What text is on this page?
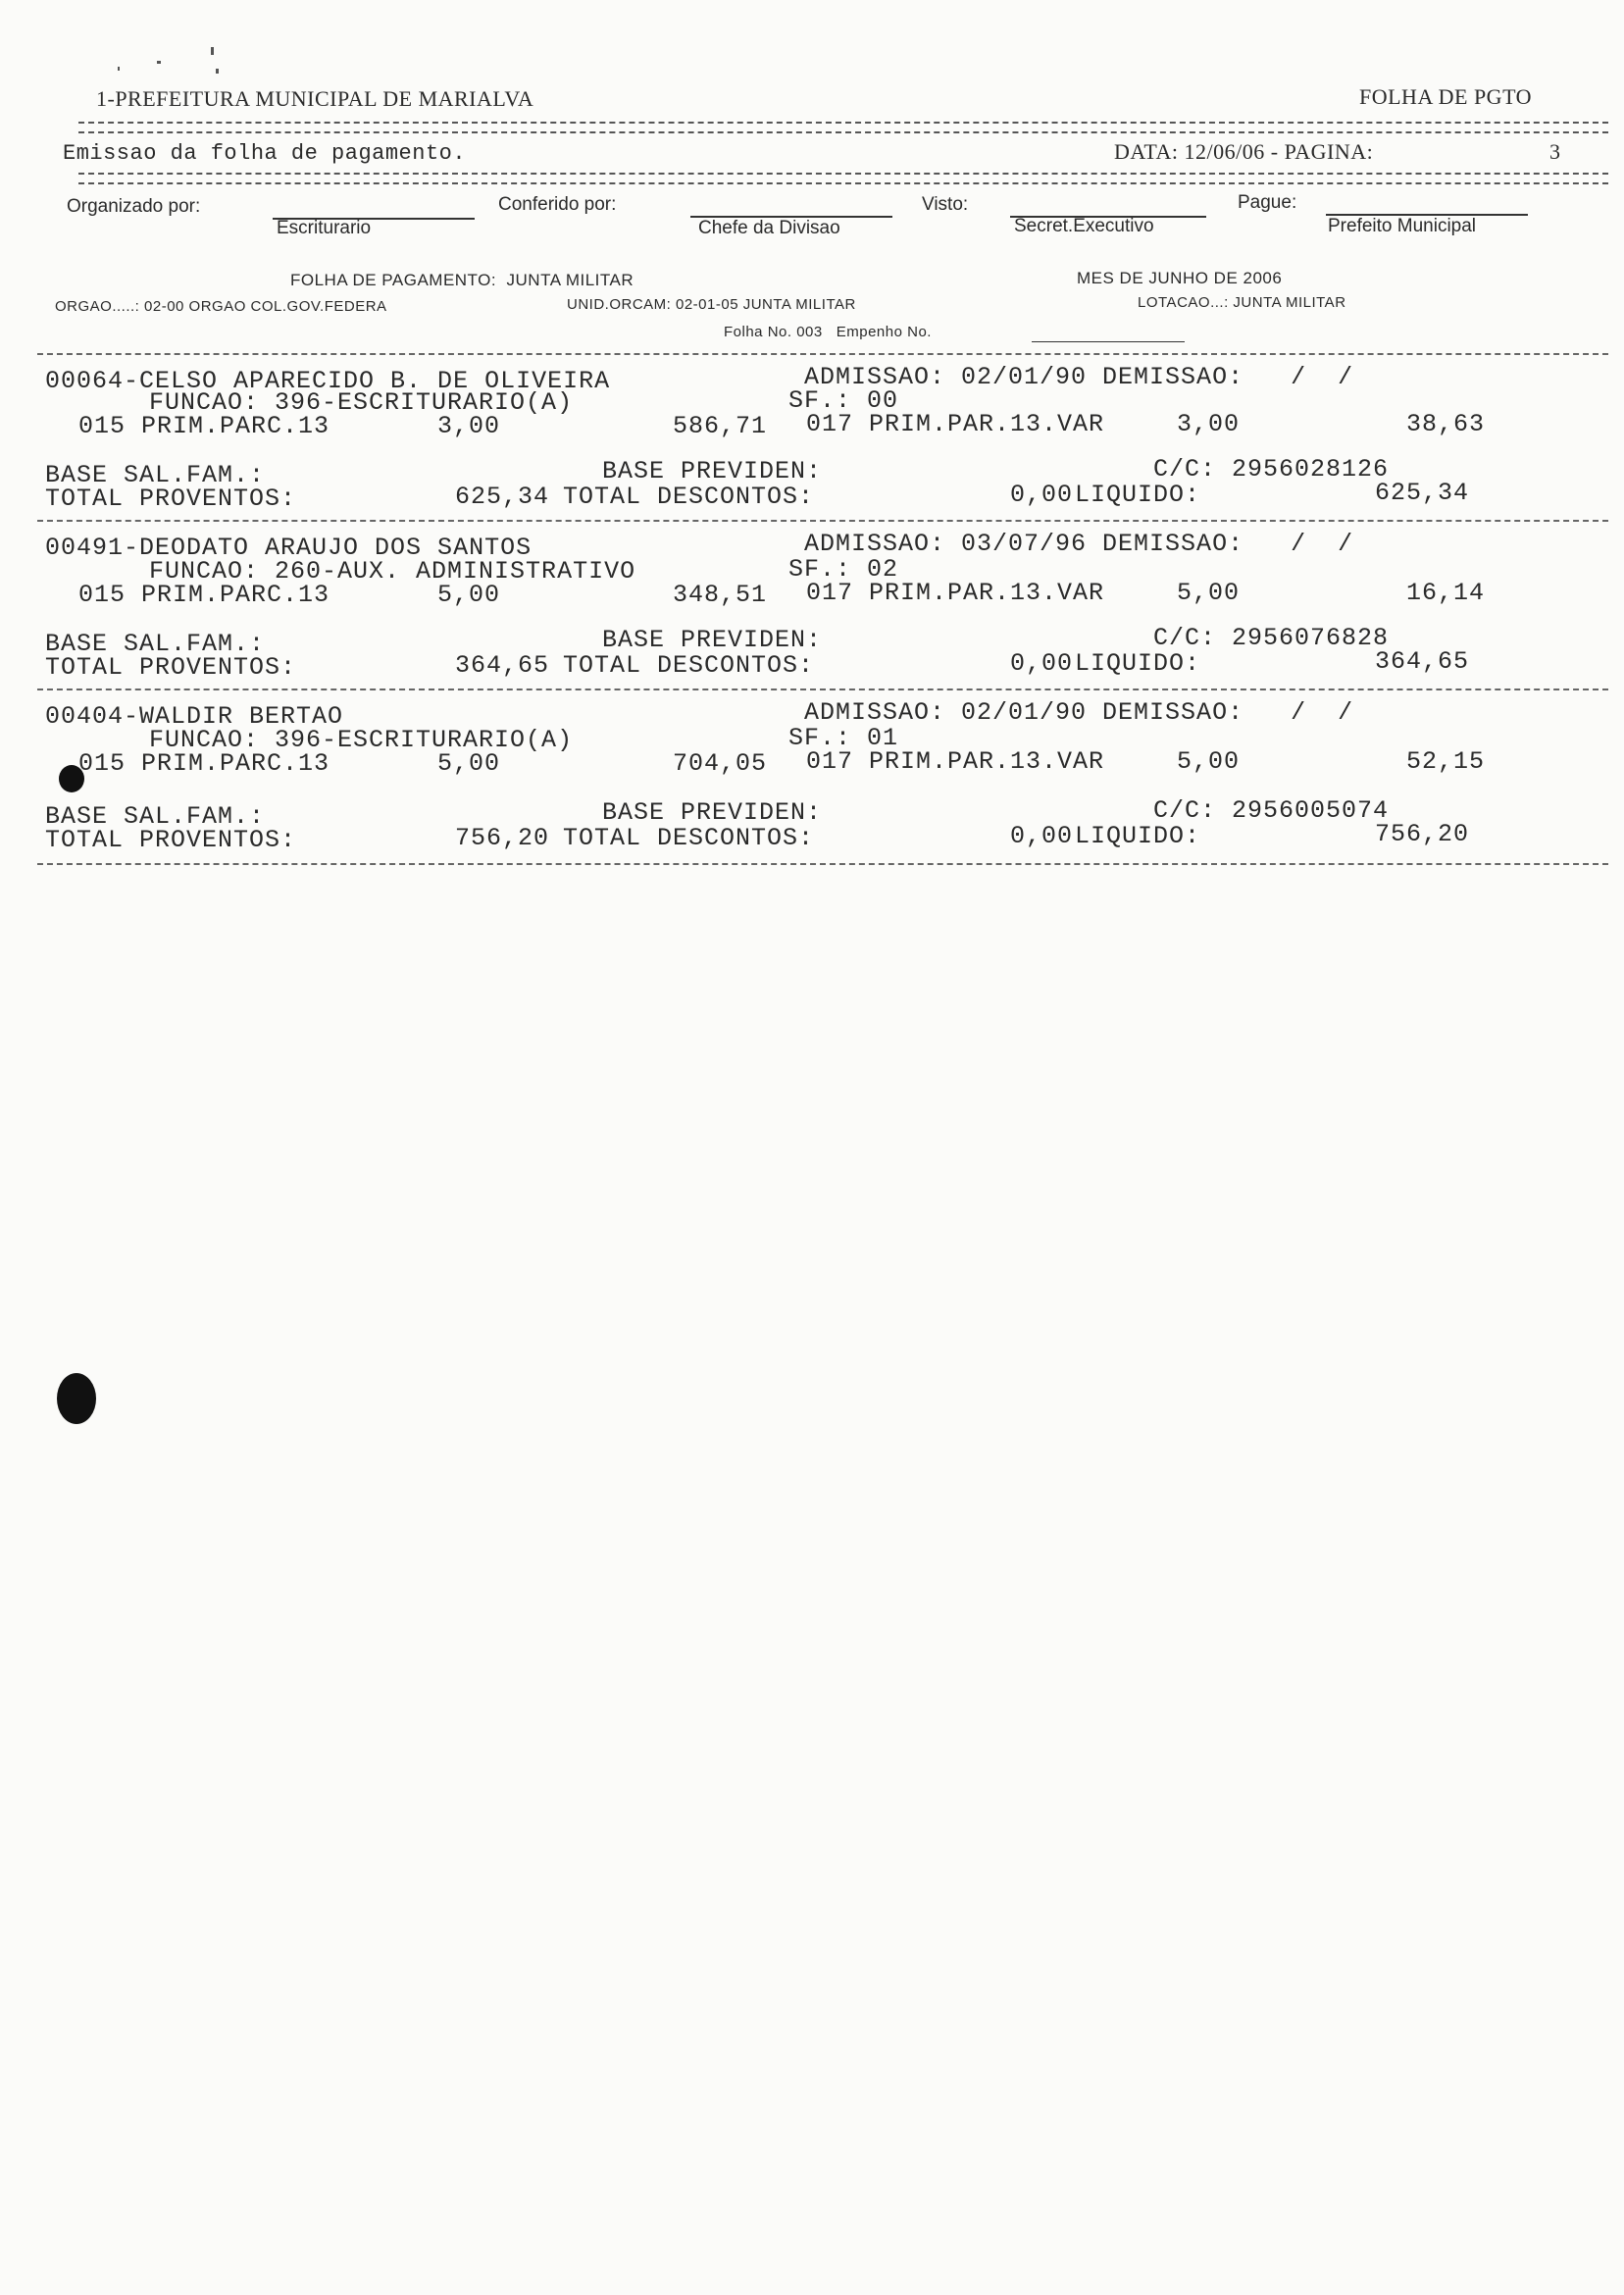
1-PREFEITURA MUNICIPAL DE MARIALVA	FOLHA DE PGTO
Emissao da folha de pagamento.	DATA: 12/06/06 - PAGINA:	3
Organizado por:	Conferido por:	Visto:	Pague:
Escriturario	Chefe da Divisao	Secret.Executivo	Prefeito Municipal
FOLHA DE PAGAMENTO:  JUNTA MILITAR	MES DE JUNHO DE 2006
ORGAO.....: 02-00 ORGAO COL.GOV.FEDERA	UNID.ORCAM: 02-01-05 JUNTA MILITAR	LOTACAO...: JUNTA MILITAR
Folha No. 003   Empenho No.
00064-CELSO APARECIDO B. DE OLIVEIRA	ADMISSAO: 02/01/90 DEMISSAO:   /  /
FUNCAO: 396-ESCRITURARIO(A)	SF.: 00
015 PRIM.PARC.13	3,00	586,71 017 PRIM.PAR.13.VAR	3,00	38,63
BASE SAL.FAM.:	BASE PREVIDEN:	C/C: 2956028126
TOTAL PROVENTOS:	625,34 TOTAL DESCONTOS:	0,00 LIQUIDO:	625,34
00491-DEODATO ARAUJO DOS SANTOS	ADMISSAO: 03/07/96 DEMISSAO:   /  /
FUNCAO: 260-AUX. ADMINISTRATIVO	SF.: 02
015 PRIM.PARC.13	5,00	348,51 017 PRIM.PAR.13.VAR	5,00	16,14
BASE SAL.FAM.:	BASE PREVIDEN:	C/C: 2956076828
TOTAL PROVENTOS:	364,65 TOTAL DESCONTOS:	0,00 LIQUIDO:	364,65
00404-WALDIR BERTAO	ADMISSAO: 02/01/90 DEMISSAO:   /  /
FUNCAO: 396-ESCRITURARIO(A)	SF.: 01
015 PRIM.PARC.13	5,00	704,05 017 PRIM.PAR.13.VAR	5,00	52,15
BASE SAL.FAM.:	BASE PREVIDEN:	C/C: 2956005074
TOTAL PROVENTOS:	756,20 TOTAL DESCONTOS:	0,00 LIQUIDO:	756,20
